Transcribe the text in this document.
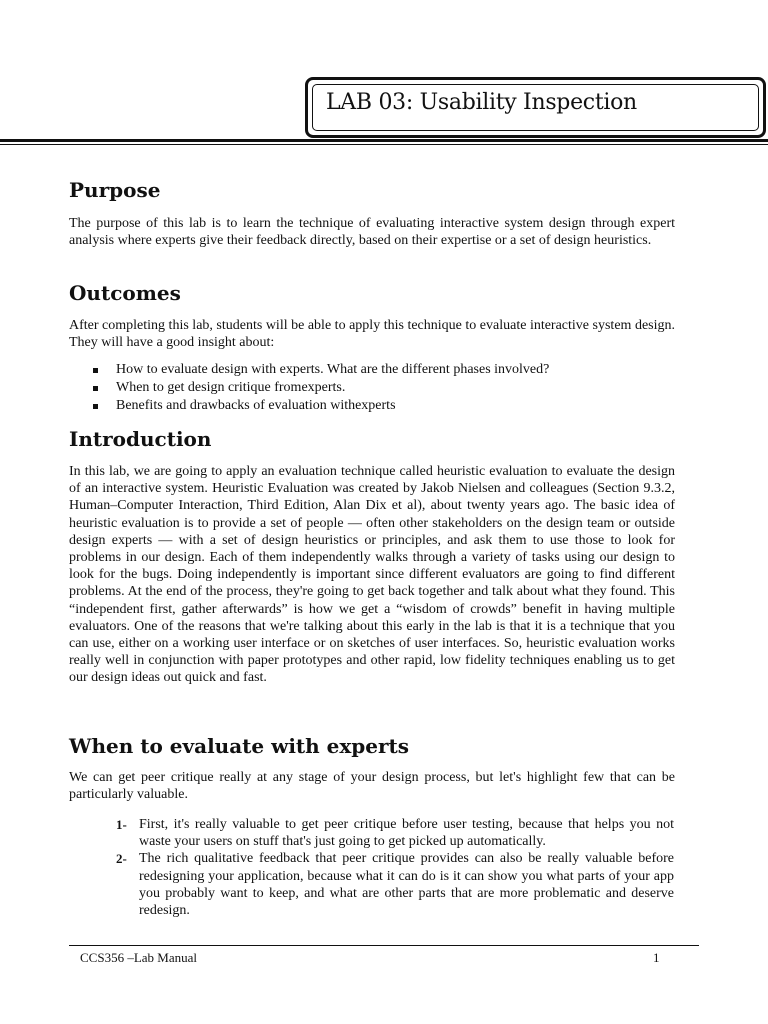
LAB 03: Usability Inspection
Purpose

The purpose of this lab is to learn the technique of evaluating interactive system design through expert analysis where experts give their feedback directly, based on their expertise or a set of design heuristics.

Outcomes

After completing this lab, students will be able to apply this technique to evaluate interactive system design. They will have a good insight about:

How to evaluate design with experts. What are the different phases involved?
When to get design critique fromexperts.
Benefits and drawbacks of evaluation withexperts
Introduction

In this lab, we are going to apply an evaluation technique called heuristic evaluation to evaluate the design of an interactive system. Heuristic Evaluation was created by Jakob Nielsen and colleagues (Section 9.3.2, Human–Computer Interaction, Third Edition, Alan Dix et al), about twenty years ago. The basic idea of heuristic evaluation is to provide a set of people — often other stakeholders on the design team or outside design experts — with a set of design heuristics or principles, and ask them to use those to look for problems in our design. Each of them independently walks through a variety of tasks using our design to look for the bugs. Doing independently is important since different evaluators are going to find different problems. At the end of the process, they're going to get back together and talk about what they found. This “independent first, gather afterwards” is how we get a “wisdom of crowds” benefit in having multiple evaluators. One of the reasons that we're talking about this early in the lab is that it is a technique that you can use, either on a working user interface or on sketches of user interfaces. So, heuristic evaluation works really well in conjunction with paper prototypes and other rapid, low fidelity techniques enabling us to get our design ideas out quick and fast.

When to evaluate with experts

We can get peer critique really at any stage of your design process, but let's highlight few that can be particularly valuable.

1- First, it's really valuable to get peer critique before user testing, because that helps you not waste your users on stuff that's just going to get picked up automatically.
2- The rich qualitative feedback that peer critique provides can also be really valuable before redesigning your application, because what it can do is it can show you what parts of your app you probably want to keep, and what are other parts that are more problematic and deserve redesign.
CCS356 –Lab Manual	1
